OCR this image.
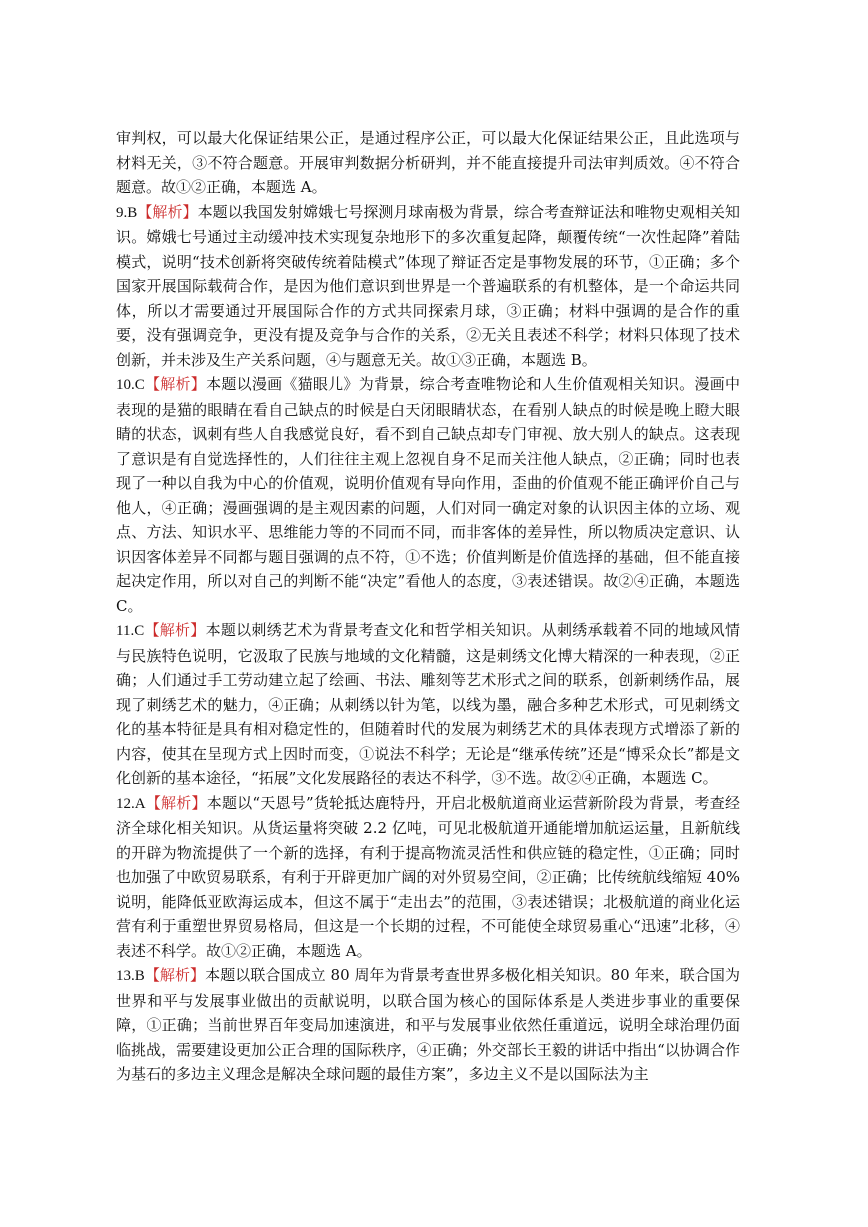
审判权，可以最大化保证结果公正，是通过程序公正，可以最大化保证结果公正，且此选项与材料无关，③不符合题意。开展审判数据分析研判，并不能直接提升司法审判质效。④不符合题意。故①②正确，本题选 A。

9.B【解析】本题以我国发射嫦娥七号探测月球南极为背景，综合考查辩证法和唯物史观相关知识。嫦娥七号通过主动缓冲技术实现复杂地形下的多次重复起降，颠覆传统“一次性起降”着陆模式，说明“技术创新将突破传统着陆模式”体现了辩证否定是事物发展的环节，①正确；多个国家开展国际载荷合作，是因为他们意识到世界是一个普遍联系的有机整体，是一个命运共同体，所以才需要通过开展国际合作的方式共同探索月球，③正确；材料中强调的是合作的重要，没有强调竞争，更没有提及竞争与合作的关系，②无关且表述不科学；材料只体现了技术创新，并未涉及生产关系问题，④与题意无关。故①③正确，本题选 B。

10.C【解析】本题以漫画《猫眼儿》为背景，综合考查唯物论和人生价值观相关知识。漫画中表现的是猫的眼睛在看自己缺点的时候是白天闭眼睛状态，在看别人缺点的时候是晚上瞪大眼睛的状态，讽刺有些人自我感觉良好，看不到自己缺点却专门审视、放大别人的缺点。这表现了意识是有自觉选择性的，人们往往主观上忽视自身不足而关注他人缺点，②正确；同时也表现了一种以自我为中心的价值观，说明价值观有导向作用，歪曲的价值观不能正确评价自己与他人，④正确；漫画强调的是主观因素的问题，人们对同一确定对象的认识因主体的立场、观点、方法、知识水平、思维能力等的不同而不同，而非客体的差异性，所以物质决定意识、认识因客体差异不同都与题目强调的点不符，①不选；价值判断是价值选择的基础，但不能直接起决定作用，所以对自己的判断不能“决定”看他人的态度，③表述错误。故②④正确，本题选 C。

11.C【解析】本题以刺绣艺术为背景考查文化和哲学相关知识。从刺绣承载着不同的地域风情与民族特色说明，它汲取了民族与地域的文化精髓，这是刺绣文化博大精深的一种表现，②正确；人们通过手工劳动建立起了绘画、书法、雕刻等艺术形式之间的联系，创新刺绣作品，展现了刺绣艺术的魅力，④正确；从刺绣以针为笔，以线为墨，融合多种艺术形式，可见刺绣文化的基本特征是具有相对稳定性的，但随着时代的发展为刺绣艺术的具体表现方式增添了新的内容，使其在呈现方式上因时而变，①说法不科学；无论是“继承传统”还是“博采众长”都是文化创新的基本途径，“拓展”文化发展路径的表达不科学，③不选。故②④正确，本题选 C。

12.A【解析】本题以“天恩号”货轮抵达鹿特丹，开启北极航道商业运营新阶段为背景，考查经济全球化相关知识。从货运量将突破 2.2 亿吨，可见北极航道开通能增加航运运量，且新航线的开辟为物流提供了一个新的选择，有利于提高物流灵活性和供应链的稳定性，①正确；同时也加强了中欧贸易联系，有利于开辟更加广阔的对外贸易空间，②正确；比传统航线缩短 40%说明，能降低亚欧海运成本，但这不属于“走出去”的范围，③表述错误；北极航道的商业化运营有利于重塑世界贸易格局，但这是一个长期的过程，不可能使全球贸易重心“迅速”北移，④表述不科学。故①②正确，本题选 A。

13.B【解析】本题以联合国成立 80 周年为背景考查世界多极化相关知识。80 年来，联合国为世界和平与发展事业做出的贡献说明，以联合国为核心的国际体系是人类进步事业的重要保障，①正确；当前世界百年变局加速演进，和平与发展事业依然任重道远，说明全球治理仍面临挑战，需要建设更加公正合理的国际秩序，④正确；外交部长王毅的讲话中指出“以协调合作为基石的多边主义理念是解决全球问题的最佳方案”，多边主义不是以国际法为主
